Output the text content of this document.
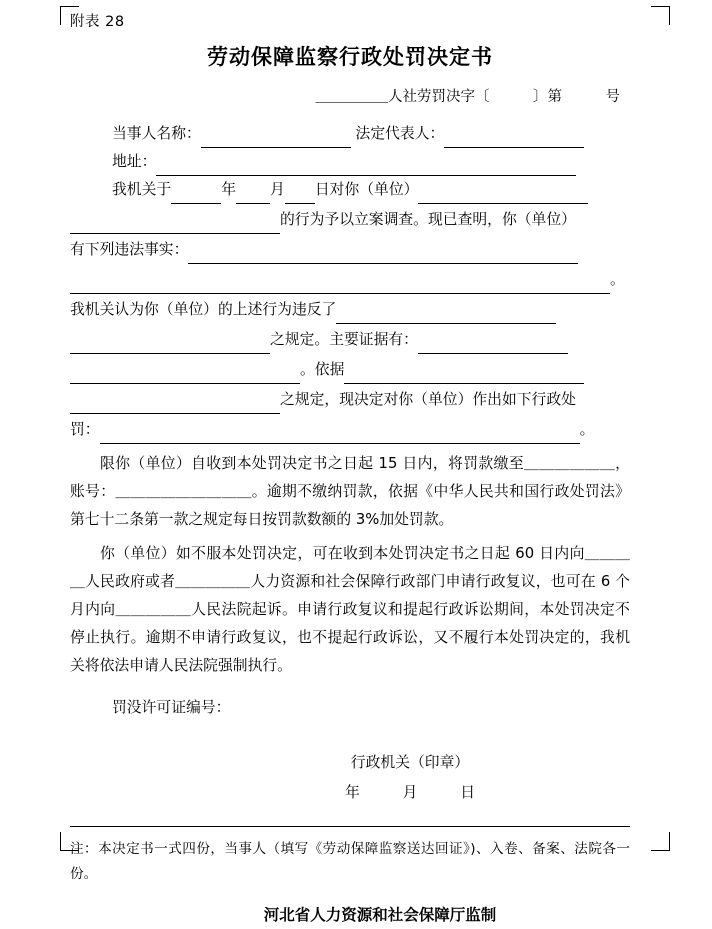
附表 28
劳动保障监察行政处罚决定书
＿＿＿＿＿人社劳罚决字〔　　　	〕第　　　	号
当事人名称：	法定代表人：
地址：
我机关于	年 月 日对你（单位）
的行为予以立案调查。现已查明，你（单位）
有下列违法事实：
。
我机关认为你（单位）的上述行为违反了
之规定。主要证据有：
。依据
之规定，现决定对你（单位）作出如下行政处
罚：	。

限你（单位）自收到本处罚决定书之日起 15 日内，将罚款缴至＿＿＿＿＿＿，账号：＿＿＿＿＿＿＿＿＿。逾期不缴纳罚款，依据《中华人民共和国行政处罚法》第七十二条第一款之规定每日按罚款数额的 3%加处罚款。

你（单位）如不服本处罚决定，可在收到本处罚决定书之日起 60 日内向＿＿＿＿人民政府或者＿＿＿＿＿人力资源和社会保障行政部门申请行政复议，也可在 6 个月内向＿＿＿＿＿人民法院起诉。申请行政复议和提起行政诉讼期间，本处罚决定不停止执行。逾期不申请行政复议，也不提起行政诉讼，又不履行本处罚决定的，我机关将依法申请人民法院强制执行。

罚没许可证编号：
行政机关（印章）
年　月　日
注：本决定书一式四份，当事人（填写《劳动保障监察送达回证》)、入卷、备案、法院各一份。
河北省人力资源和社会保障厅监制
